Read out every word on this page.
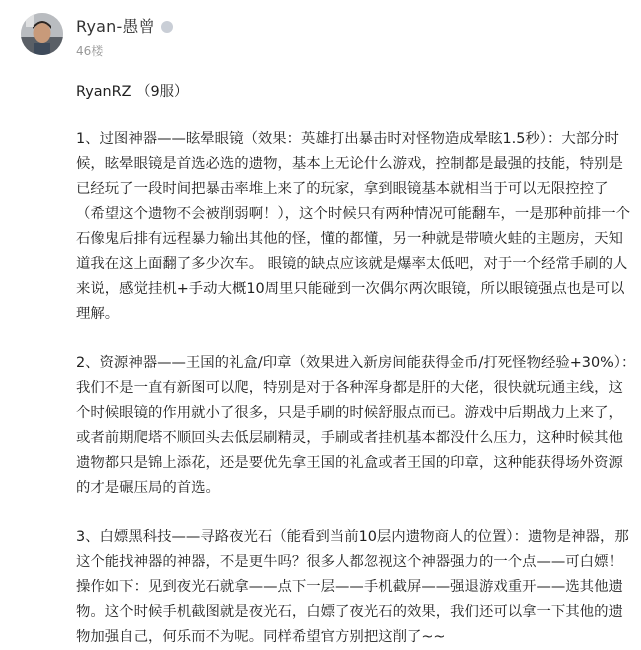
Ryan-愚曾
46楼

RyanRZ （9服）

1、过图神器——眩晕眼镜（效果：英雄打出暴击时对怪物造成晕眩1.5秒）：大部分时候，眩晕眼镜是首选必选的遗物，基本上无论什么游戏，控制都是最强的技能，特别是已经玩了一段时间把暴击率堆上来了的玩家，拿到眼镜基本就相当于可以无限控控了（希望这个遗物不会被削弱啊！），这个时候只有两种情况可能翻车，一是那种前排一个石像鬼后排有远程暴力输出其他的怪，懂的都懂，另一种就是带喷火蛙的主题房，天知道我在这上面翻了多少次车。 眼镜的缺点应该就是爆率太低吧，对于一个经常手刷的人来说，感觉挂机+手动大概10周里只能碰到一次偶尔两次眼镜，所以眼镜强点也是可以理解。

2、资源神器——王国的礼盒/印章（效果进入新房间能获得金币/打死怪物经验+30%）：我们不是一直有新图可以爬，特别是对于各种浑身都是肝的大佬，很快就玩通主线，这个时候眼镜的作用就小了很多，只是手刷的时候舒服点而已。游戏中后期战力上来了，或者前期爬塔不顺回头去低层刷精灵，手刷或者挂机基本都没什么压力，这种时候其他遗物都只是锦上添花，还是要优先拿王国的礼盒或者王国的印章，这种能获得场外资源的才是碾压局的首选。

3、白嫖黑科技——寻路夜光石（能看到当前10层内遗物商人的位置）：遗物是神器，那这个能找神器的神器，不是更牛吗？很多人都忽视这个神器强力的一个点——可白嫖！操作如下：见到夜光石就拿——点下一层——手机截屏——强退游戏重开——选其他遗物。这个时候手机截图就是夜光石，白嫖了夜光石的效果，我们还可以拿一下其他的遗物加强自己，何乐而不为呢。同样希望官方别把这削了~~
